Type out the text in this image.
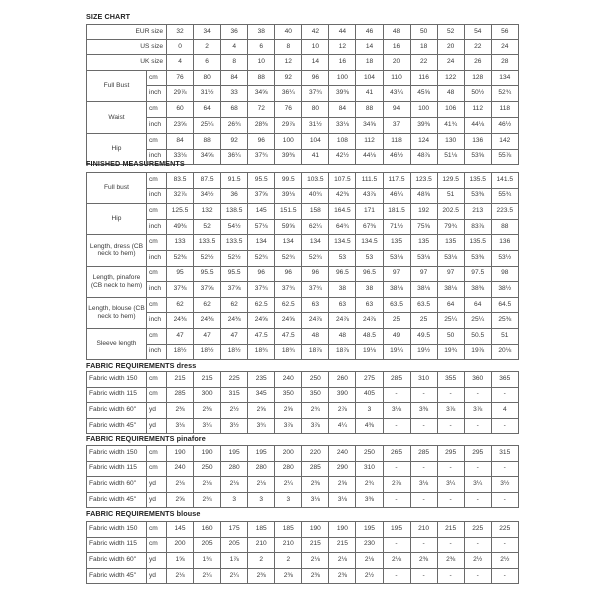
SIZE CHART
EUR size		32	34	36	38	40	42	44	46	48	50	52	54	56
US size		0	2	4	6	8	10	12	14	16	18	20	22	24
UK size		4	6	8	10	12	14	16	18	20	22	24	26	28
Full Bust	cm	76	80	84	88	92	96	100	104	110	116	122	128	134
	inch	29⅞	31½	33	34⅝	36¼	37¾	39⅜	41	43¼	45⅝	48	50½	52¾
Waist	cm	60	64	68	72	76	80	84	88	94	100	106	112	118
	inch	23⅝	25¼	26¾	28⅜	29⅞	31½	33⅛	34⅝	37	39⅜	41¾	44⅛	46½
Hip	cm	84	88	92	96	100	104	108	112	118	124	130	136	142
	inch	33⅛	34⅝	36¼	37¾	39⅜	41	42½	44⅛	46½	48⅞	51⅛	53⅝	55⅞
FINISHED MEASUREMENTS
Full bust	cm	83.5	87.5	91.5	95.5	99.5	103.5	107.5	111.5	117.5	123.5	129.5	135.5	141.5
	inch	32⅞	34½	36	37⅝	39⅛	40¾	42⅜	43⅞	46¼	48⅝	51	53⅜	55¾
Hip	cm	125.5	132	138.5	145	151.5	158	164.5	171	181.5	192	202.5	213	223.5
	inch	49⅜	52	54½	57⅛	59⅝	62¼	64¾	67⅜	71½	75⅝	79¾	83⅞	88
Length, dress (CB neck to hem)	cm	133	133.5	133.5	134	134	134	134.5	134.5	135	135	135	135.5	136
	inch	52⅜	52½	52½	52¾	52¾	52¾	53	53	53⅛	53⅛	53⅛	53⅜	53½
Length, pinafore (CB neck to hem)	cm	95	95.5	95.5	96	96	96	96.5	96.5	97	97	97	97.5	98
	inch	37⅜	37⅝	37⅝	37¾	37¾	37¾	38	38	38⅛	38⅛	38⅛	38⅜	38½
Length, blouse (CB neck to hem)	cm	62	62	62	62.5	62.5	63	63	63	63.5	63.5	64	64	64.5
	inch	24⅜	24⅜	24⅜	24⅝	24⅝	24⅞	24⅞	24⅞	25	25	25¼	25¼	25⅜
Sleeve length	cm	47	47	47	47.5	47.5	48	48	48.5	49	49.5	50	50.5	51
	inch	18½	18½	18½	18¾	18¾	18⅞	18⅞	19⅛	19¼	19½	19¾	19⅞	20⅛
FABRIC REQUIREMENTS dress
Fabric width 150	cm	215	215	225	235	240	250	260	275	285	310	355	360	365
Fabric width 115	cm	285	300	315	345	350	350	390	405	-	-	-	-	-
Fabric width 60"	yd	2⅜	2⅜	2½	2⅝	2⅝	2¾	2⅞	3	3⅛	3⅜	3⅞	3⅞	4
Fabric width 45"	yd	3⅛	3¼	3½	3¾	3⅞	3⅞	4¼	4⅜	-	-	-	-	-
FABRIC REQUIREMENTS pinafore
Fabric width 150	cm	190	190	195	195	200	220	240	250	265	285	295	295	315
Fabric width 115	cm	240	250	280	280	280	285	290	310	-	-	-	-	-
Fabric width 60"	yd	2⅛	2⅛	2⅛	2⅛	2¼	2⅜	2⅝	2¾	2⅞	3⅛	3¼	3¼	3½
Fabric width 45"	yd	2⅝	2¾	3	3	3	3⅛	3⅛	3⅜	-	-	-	-	-
FABRIC REQUIREMENTS blouse
Fabric width 150	cm	145	160	175	185	185	190	190	195	195	210	215	225	225
Fabric width 115	cm	200	205	205	210	210	215	215	230	-	-	-	-	-
Fabric width 60"	yd	1⅝	1¾	1⅞	2	2	2⅛	2⅛	2⅛	2⅛	2⅜	2⅜	2½	2½
Fabric width 45"	yd	2⅛	2¼	2¼	2⅜	2⅜	2⅜	2⅜	2½	-	-	-	-	-
